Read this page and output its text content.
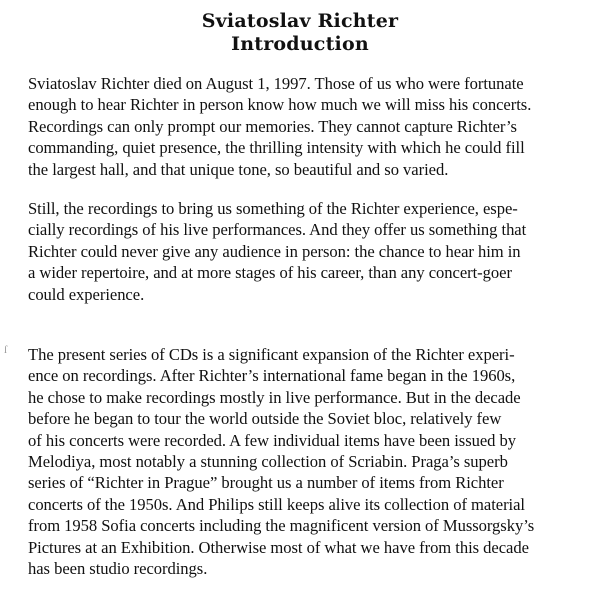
Sviatoslav Richter
Introduction
ſ
Sviatoslav Richter died on August 1, 1997. Those of us who were fortunate
enough to hear Richter in person know how much we will miss his concerts.
Recordings can only prompt our memories. They cannot capture Richter’s
commanding, quiet presence, the thrilling intensity with which he could fill
the largest hall, and that unique tone, so beautiful and so varied.
Still, the recordings to bring us something of the Richter experience, espe-
cially recordings of his live performances. And they offer us something that
Richter could never give any audience in person: the chance to hear him in
a wider repertoire, and at more stages of his career, than any concert-goer
could experience.
The present series of CDs is a significant expansion of the Richter experi-
ence on recordings. After Richter’s international fame began in the 1960s,
he chose to make recordings mostly in live performance. But in the decade
before he began to tour the world outside the Soviet bloc, relatively few
of his concerts were recorded. A few individual items have been issued by
Melodiya, most notably a stunning collection of Scriabin. Praga’s superb
series of “Richter in Prague” brought us a number of items from Richter
concerts of the 1950s. And Philips still keeps alive its collection of material
from 1958 Sofia concerts including the magnificent version of Mussorgsky’s
Pictures at an Exhibition. Otherwise most of what we have from this decade
has been studio recordings.
